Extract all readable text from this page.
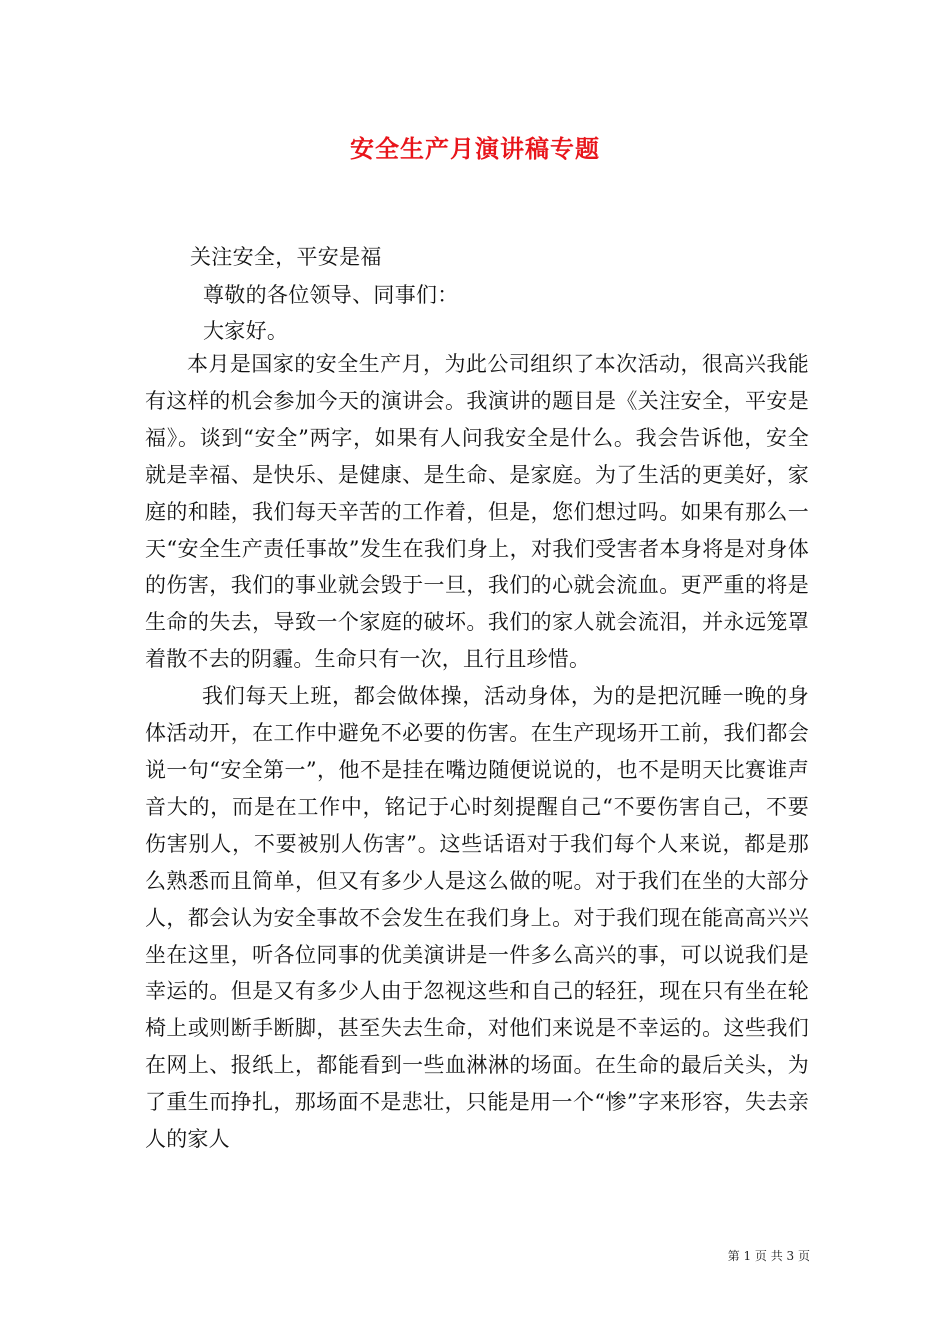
安全生产月演讲稿专题
关注安全，平安是福
尊敬的各位领导、同事们：
大家好。

本月是国家的安全生产月，为此公司组织了本次活动，很高兴我能有这样的机会参加今天的演讲会。我演讲的题目是《关注安全，平安是福》。谈到“安全”两字，如果有人问我安全是什么。我会告诉他，安全就是幸福、是快乐、是健康、是生命、是家庭。为了生活的更美好，家庭的和睦，我们每天辛苦的工作着，但是，您们想过吗。如果有那么一天“安全生产责任事故”发生在我们身上，对我们受害者本身将是对身体的伤害，我们的事业就会毁于一旦，我们的心就会流血。更严重的将是生命的失去，导致一个家庭的破坏。我们的家人就会流泪，并永远笼罩着散不去的阴霾。生命只有一次，且行且珍惜。

我们每天上班，都会做体操，活动身体，为的是把沉睡一晚的身体活动开，在工作中避免不必要的伤害。在生产现场开工前，我们都会说一句“安全第一”，他不是挂在嘴边随便说说的，也不是明天比赛谁声音大的，而是在工作中，铭记于心时刻提醒自己“不要伤害自己，不要伤害别人，不要被别人伤害”。这些话语对于我们每个人来说，都是那么熟悉而且简单，但又有多少人是这么做的呢。对于我们在坐的大部分人，都会认为安全事故不会发生在我们身上。对于我们现在能高高兴兴坐在这里，听各位同事的优美演讲是一件多么高兴的事，可以说我们是幸运的。但是又有多少人由于忽视这些和自己的轻狂，现在只有坐在轮椅上或则断手断脚，甚至失去生命，对他们来说是不幸运的。这些我们在网上、报纸上，都能看到一些血淋淋的场面。在生命的最后关头，为了重生而挣扎，那场面不是悲壮，只能是用一个“惨”字来形容，失去亲人的家人

第 1 页 共 3 页
